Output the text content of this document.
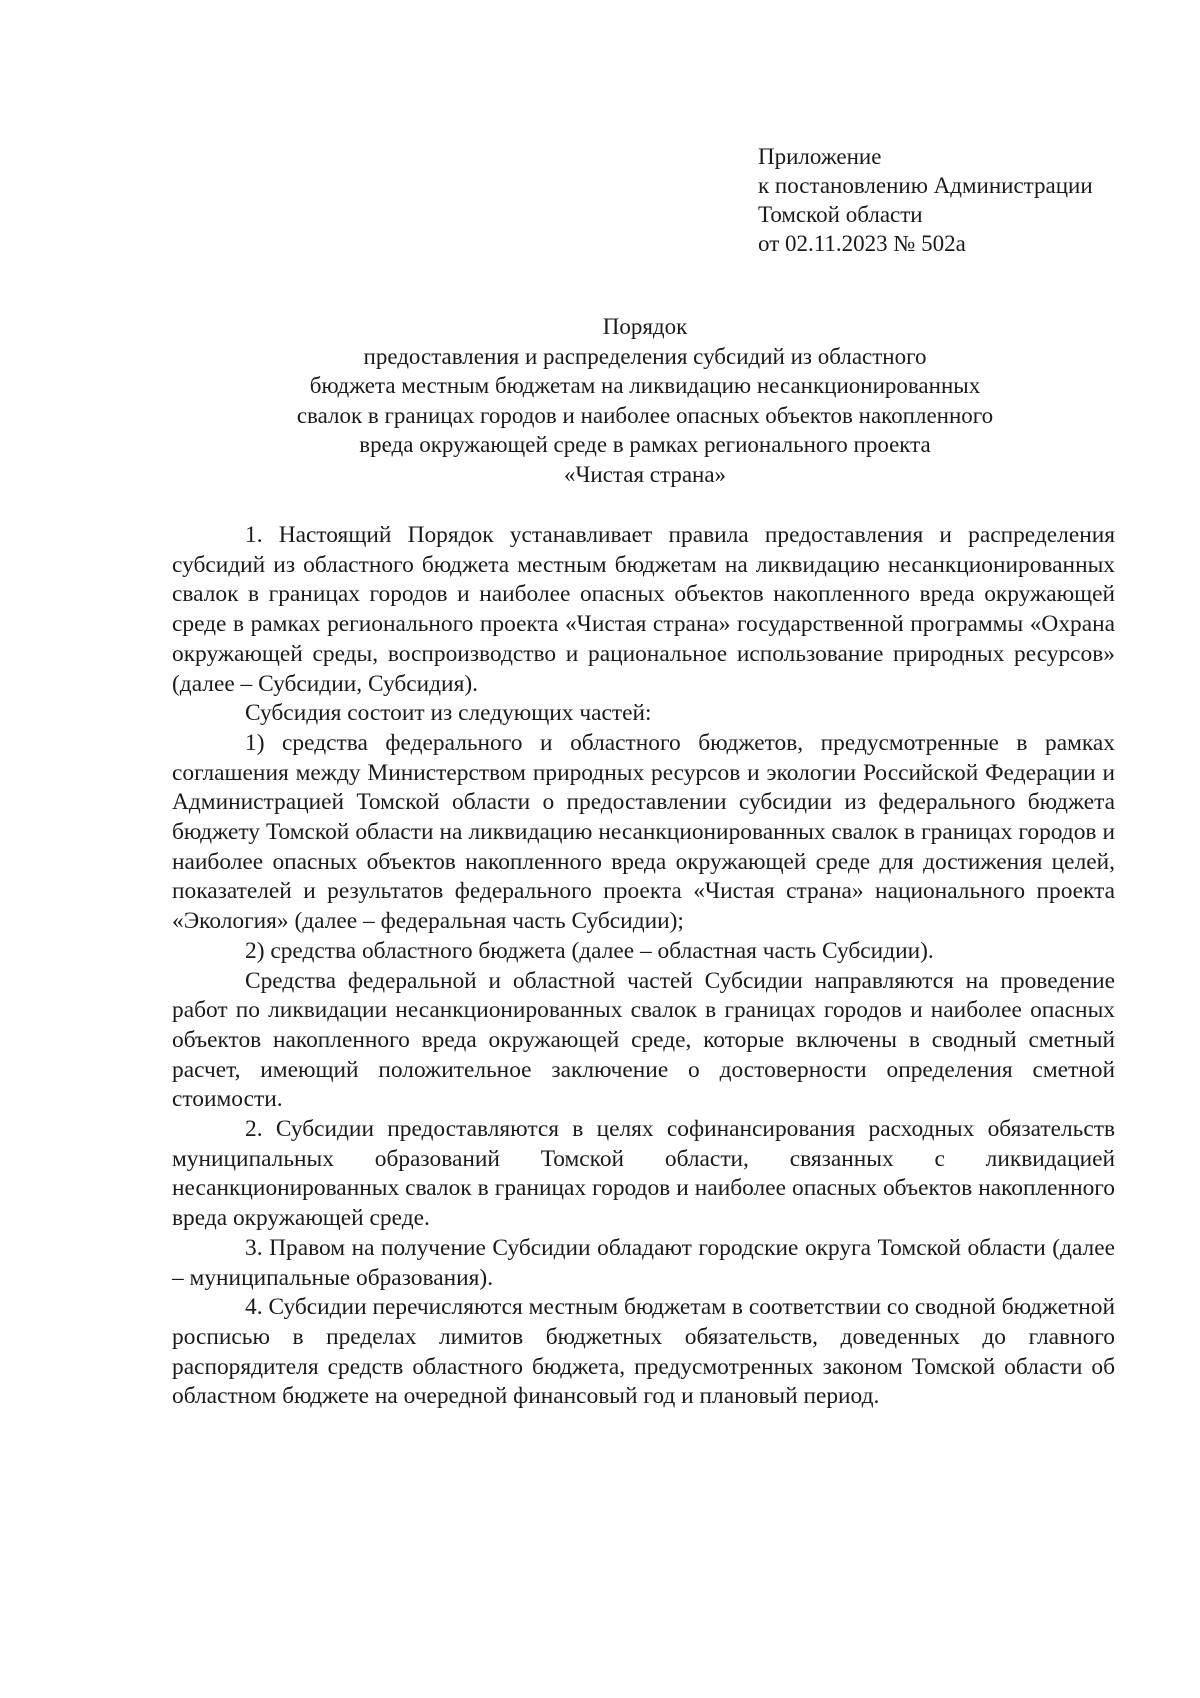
Приложение
к постановлению Администрации
Томской области
от 02.11.2023 № 502а
Порядок
предоставления и распределения субсидий из областного
бюджета местным бюджетам на ликвидацию несанкционированных
свалок в границах городов и наиболее опасных объектов накопленного
вреда окружающей среде в рамках регионального проекта
«Чистая страна»

1. Настоящий Порядок устанавливает правила предоставления и распределения субсидий из областного бюджета местным бюджетам на ликвидацию несанкционированных свалок в границах городов и наиболее опасных объектов накопленного вреда окружающей среде в рамках регионального проекта «Чистая страна» государственной программы «Охрана окружающей среды, воспроизводство и рациональное использование природных ресурсов» (далее – Субсидии, Субсидия).

Субсидия состоит из следующих частей:

1) средства федерального и областного бюджетов, предусмотренные в рамках соглашения между Министерством природных ресурсов и экологии Российской Федерации и Администрацией Томской области о предоставлении субсидии из федерального бюджета бюджету Томской области на ликвидацию несанкционированных свалок в границах городов и наиболее опасных объектов накопленного вреда окружающей среде для достижения целей, показателей и результатов федерального проекта «Чистая страна» национального проекта «Экология» (далее – федеральная часть Субсидии);

2) средства областного бюджета (далее – областная часть Субсидии).

Средства федеральной и областной частей Субсидии направляются на проведение работ по ликвидации несанкционированных свалок в границах городов и наиболее опасных объектов накопленного вреда окружающей среде, которые включены в сводный сметный расчет, имеющий положительное заключение о достоверности определения сметной стоимости.

2. Субсидии предоставляются в целях софинансирования расходных обязательств муниципальных образований Томской области, связанных с ликвидацией несанкционированных свалок в границах городов и наиболее опасных объектов накопленного вреда окружающей среде.

3. Правом на получение Субсидии обладают городские округа Томской области (далее – муниципальные образования).

4. Субсидии перечисляются местным бюджетам в соответствии со сводной бюджетной росписью в пределах лимитов бюджетных обязательств, доведенных до главного распорядителя средств областного бюджета, предусмотренных законом Томской области об областном бюджете на очередной финансовый год и плановый период.
